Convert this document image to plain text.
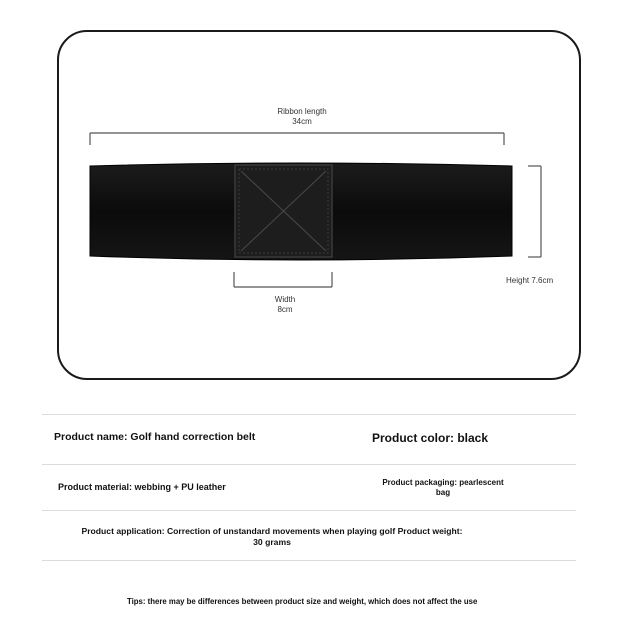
Ribbon length
34cm
Height 7.6cm
Width
8cm
Product name: Golf hand correction belt	Product color: black
Product material: webbing + PU leather	Product packaging: pearlescent
bag
Product application: Correction of unstandard movements when playing golf Product weight:
30 grams
Tips: there may be differences between product size and weight, which does not affect the use
